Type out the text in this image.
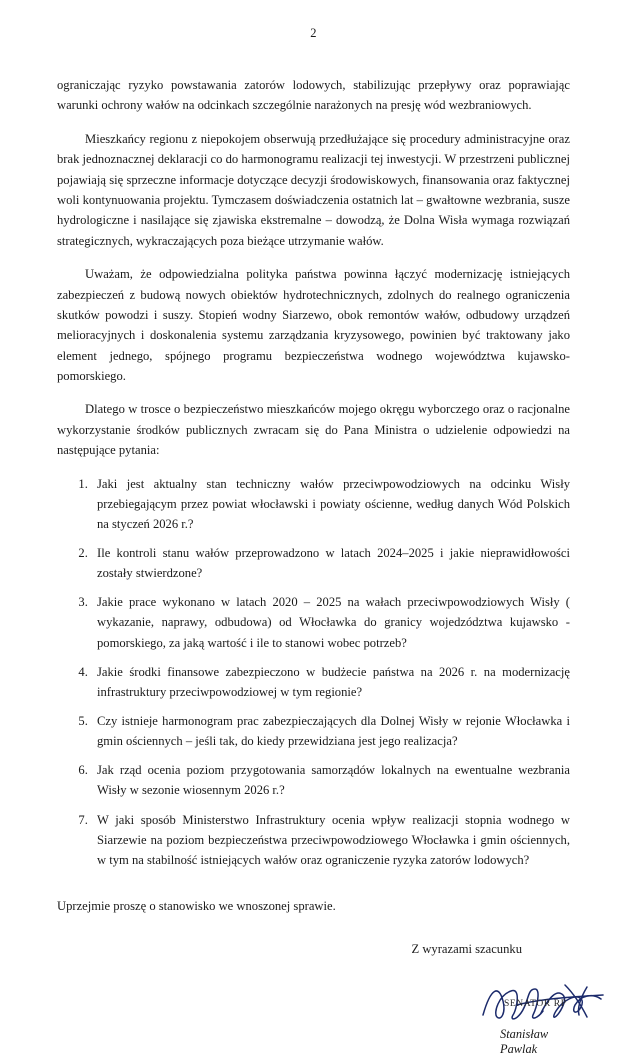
2

ograniczając ryzyko powstawania zatorów lodowych, stabilizując przepływy oraz poprawiając warunki ochrony wałów na odcinkach szczególnie narażonych na presję wód wezbraniowych.

Mieszkańcy regionu z niepokojem obserwują przedłużające się procedury administracyjne oraz brak jednoznacznej deklaracji co do harmonogramu realizacji tej inwestycji. W przestrzeni publicznej pojawiają się sprzeczne informacje dotyczące decyzji środowiskowych, finansowania oraz faktycznej woli kontynuowania projektu. Tymczasem doświadczenia ostatnich lat – gwałtowne wezbrania, susze hydrologiczne i nasilające się zjawiska ekstremalne – dowodzą, że Dolna Wisła wymaga rozwiązań strategicznych, wykraczających poza bieżące utrzymanie wałów.

Uważam, że odpowiedzialna polityka państwa powinna łączyć modernizację istniejących zabezpieczeń z budową nowych obiektów hydrotechnicznych, zdolnych do realnego ograniczenia skutków powodzi i suszy. Stopień wodny Siarzewo, obok remontów wałów, odbudowy urządzeń melioracyjnych i doskonalenia systemu zarządzania kryzysowego, powinien być traktowany jako element jednego, spójnego programu bezpieczeństwa wodnego województwa kujawsko-pomorskiego.

Dlatego w trosce o bezpieczeństwo mieszkańców mojego okręgu wyborczego oraz o racjonalne wykorzystanie środków publicznych zwracam się do Pana Ministra o udzielenie odpowiedzi na następujące pytania:

1. Jaki jest aktualny stan techniczny wałów przeciwpowodziowych na odcinku Wisły przebiegającym przez powiat włocławski i powiaty ościenne, według danych Wód Polskich na styczeń 2026 r.?
2. Ile kontroli stanu wałów przeprowadzono w latach 2024–2025 i jakie nieprawidłowości zostały stwierdzone?
3. Jakie prace wykonano w latach 2020 – 2025 na wałach przeciwpowodziowych Wisły ( wykazanie, naprawy, odbudowa) od Włocławka do granicy wojedzództwa kujawsko - pomorskiego, za jaką wartość i ile to stanowi wobec potrzeb?
4. Jakie środki finansowe zabezpieczono w budżecie państwa na 2026 r. na modernizację infrastruktury przeciwpowodziowej w tym regionie?
5. Czy istnieje harmonogram prac zabezpieczających dla Dolnej Wisły w rejonie Włocławka i gmin ościennych – jeśli tak, do kiedy przewidziana jest jego realizacja?
6. Jak rząd ocenia poziom przygotowania samorządów lokalnych na ewentualne wezbrania Wisły w sezonie wiosennym 2026 r.?
7. W jaki sposób Ministerstwo Infrastruktury ocenia wpływ realizacji stopnia wodnego w Siarzewie na poziom bezpieczeństwa przeciwpowodziowego Włocławka i gmin ościennych, w tym na stabilność istniejących wałów oraz ograniczenie ryzyka zatorów lodowych?

Uprzejmie proszę o stanowisko we wnoszonej sprawie.

Z wyrazami szacunku
SENATOR RP
Stanisław Pawlak
